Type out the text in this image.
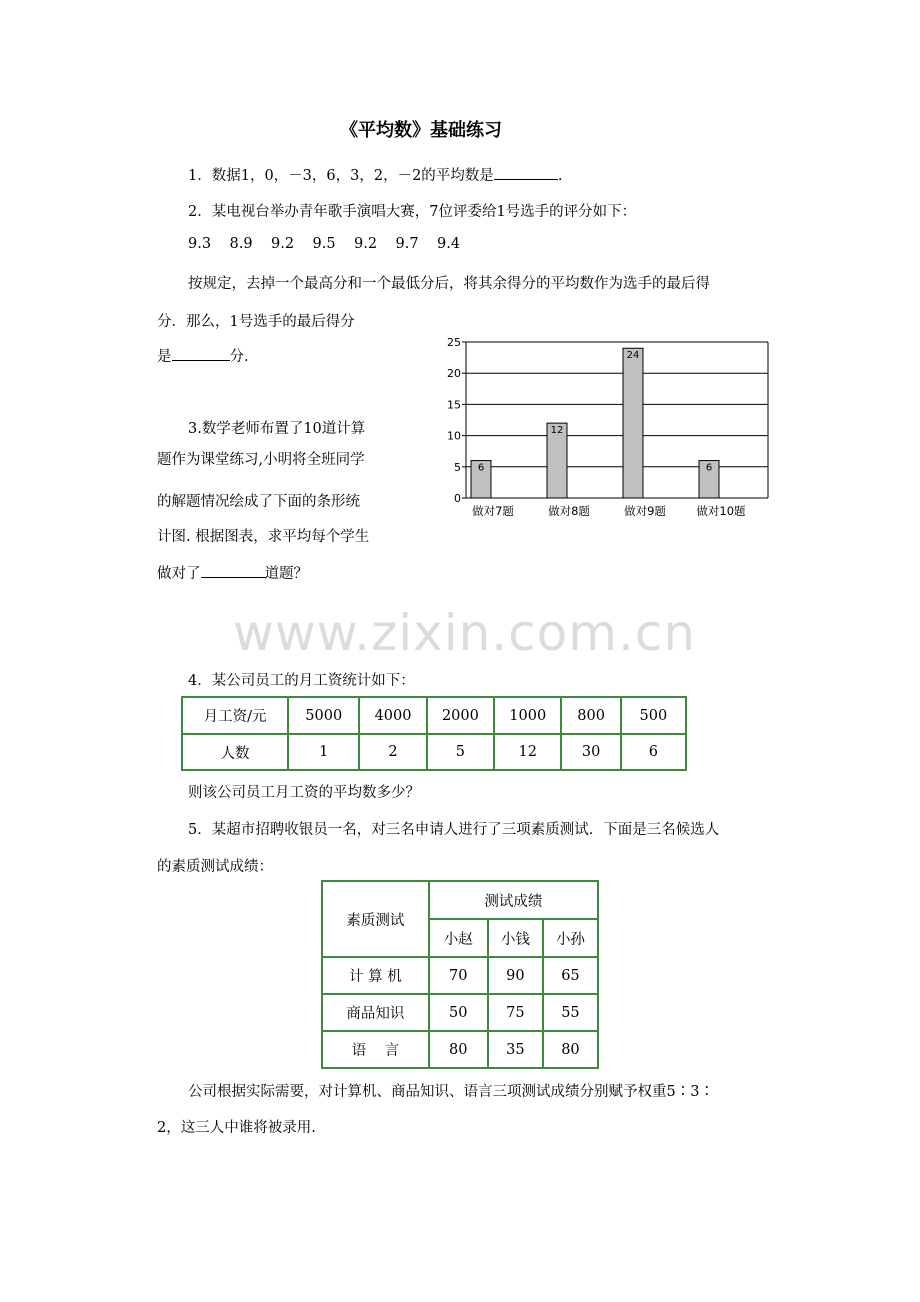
《平均数》基础练习
1．数据1，0，－3，6，3，2，－2的平均数是	.
2．某电视台举办青年歌手演唱大赛，7位评委给1号选手的评分如下：
9.3    8.9    9.2    9.5    9.2    9.7    9.4
按规定，去掉一个最高分和一个最低分后，将其余得分的平均数作为选手的最后得
分．那么，1号选手的最后得分
是	分.
3.数学老师布置了10道计算
题作为课堂练习,小明将全班同学
的解题情况绘成了下面的条形统
计图. 根据图表，求平均每个学生
做对了	道题？
0
5
10
15
20
25
6
做对7题
12
做对8题
24
做对9题
6
做对10题
www.zixin.com.cn
4．某公司员工的月工资统计如下：
月工资/元	5000	4000	2000	1000	800	500
人数	1	2	5	12	30	6
则该公司员工月工资的平均数多少？
5．某超市招聘收银员一名，对三名申请人进行了三项素质测试．下面是三名候选人
的素质测试成绩：
素质测试	测试成绩		
	小赵	小钱	小孙
计 算 机	70	90	65
商品知识	50	75	55
语    言	80	35	80
公司根据实际需要，对计算机、商品知识、语言三项测试成绩分别赋予权重5∶3∶
2，这三人中谁将被录用.
